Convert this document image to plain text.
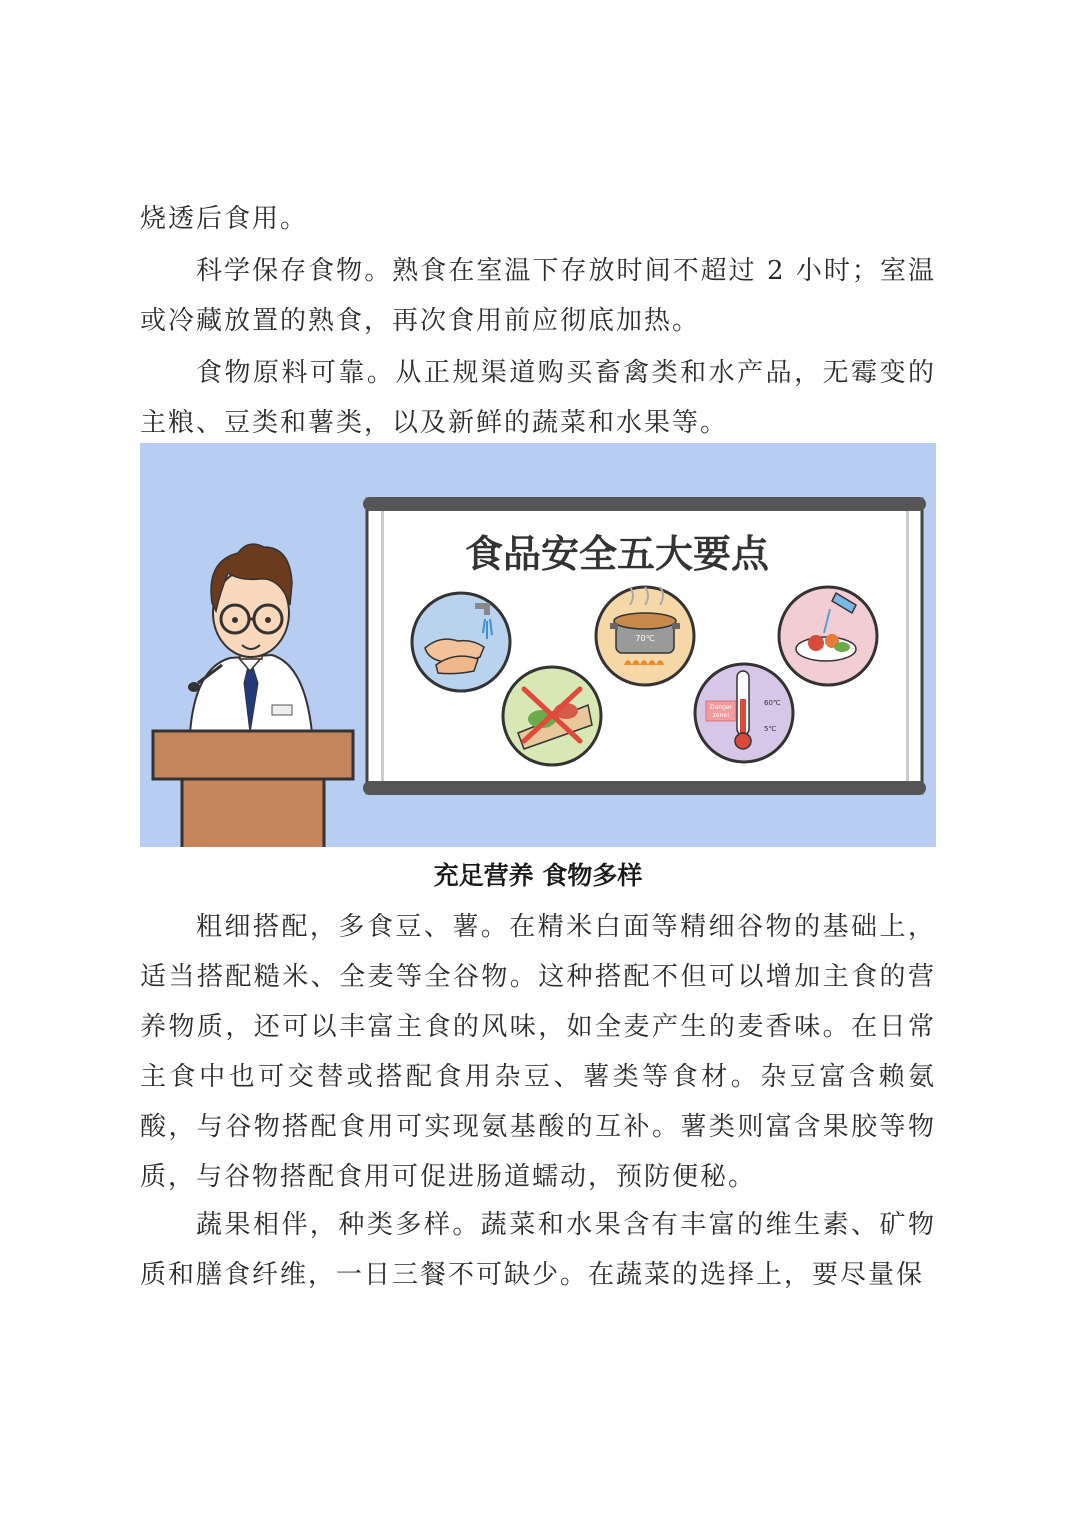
烧透后食用。

科学保存食物。熟食在室温下存放时间不超过 2 小时；室温或冷藏放置的熟食，再次食用前应彻底加热。

食物原料可靠。从正规渠道购买畜禽类和水产品，无霉变的主粮、豆类和薯类，以及新鲜的蔬菜和水果等。

食品安全五大要点
70℃
Danger
zone!
60℃
5℃
充足营养 食物多样

粗细搭配，多食豆、薯。在精米白面等精细谷物的基础上，适当搭配糙米、全麦等全谷物。这种搭配不但可以增加主食的营养物质，还可以丰富主食的风味，如全麦产生的麦香味。在日常主食中也可交替或搭配食用杂豆、薯类等食材。杂豆富含赖氨酸，与谷物搭配食用可实现氨基酸的互补。薯类则富含果胶等物质，与谷物搭配食用可促进肠道蠕动，预防便秘。

蔬果相伴，种类多样。蔬菜和水果含有丰富的维生素、矿物质和膳食纤维，一日三餐不可缺少。在蔬菜的选择上，要尽量保
